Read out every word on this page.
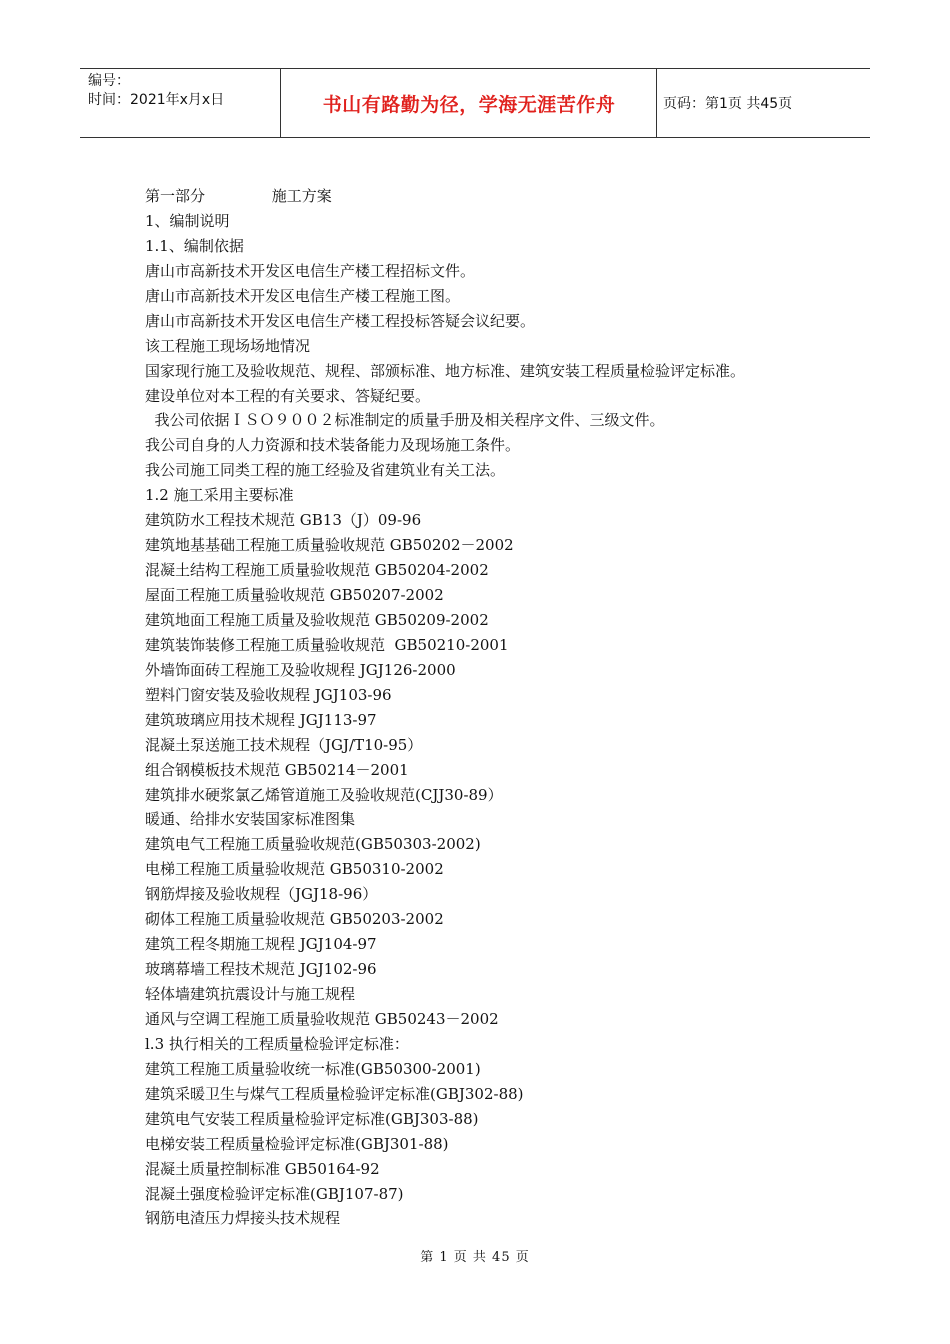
编号：
时间：2021年x月x日	书山有路勤为径，学海无涯苦作舟	页码：第1页 共45页
第一部分              施工方案
1、编制说明
1.1、编制依据
唐山市高新技术开发区电信生产楼工程招标文件。
唐山市高新技术开发区电信生产楼工程施工图。
唐山市高新技术开发区电信生产楼工程投标答疑会议纪要。
该工程施工现场场地情况
国家现行施工及验收规范、规程、部颁标准、地方标准、建筑安装工程质量检验评定标准。
建设单位对本工程的有关要求、答疑纪要。
我公司依据ＩＳＯ９００２标准制定的质量手册及相关程序文件、三级文件。
我公司自身的人力资源和技术装备能力及现场施工条件。
我公司施工同类工程的施工经验及省建筑业有关工法。
1.2 施工采用主要标准
建筑防水工程技术规范 GB13（J）09-96
建筑地基基础工程施工质量验收规范 GB50202－2002
混凝土结构工程施工质量验收规范 GB50204-2002
屋面工程施工质量验收规范 GB50207-2002
建筑地面工程施工质量及验收规范 GB50209-2002
建筑装饰装修工程施工质量验收规范  GB50210-2001
外墙饰面砖工程施工及验收规程 JGJ126-2000
塑料门窗安装及验收规程 JGJ103-96
建筑玻璃应用技术规程 JGJ113-97
混凝土泵送施工技术规程（JGJ/T10-95）
组合钢模板技术规范 GB50214－2001
建筑排水硬浆氯乙烯管道施工及验收规范(CJJ30-89）
暖通、给排水安装国家标准图集
建筑电气工程施工质量验收规范(GB50303-2002)
电梯工程施工质量验收规范 GB50310-2002
钢筋焊接及验收规程（JGJ18-96）
砌体工程施工质量验收规范 GB50203-2002
建筑工程冬期施工规程 JGJ104-97
玻璃幕墙工程技术规范 JGJ102-96
轻体墙建筑抗震设计与施工规程
通风与空调工程施工质量验收规范 GB50243－2002
l.3 执行相关的工程质量检验评定标准：
建筑工程施工质量验收统一标准(GB50300-2001)
建筑采暖卫生与煤气工程质量检验评定标准(GBJ302-88)
建筑电气安装工程质量检验评定标准(GBJ303-88)
电梯安装工程质量检验评定标准(GBJ301-88)
混凝土质量控制标准 GB50164-92
混凝土强度检验评定标准(GBJ107-87)
钢筋电渣压力焊接头技术规程
第 1 页 共 45 页
